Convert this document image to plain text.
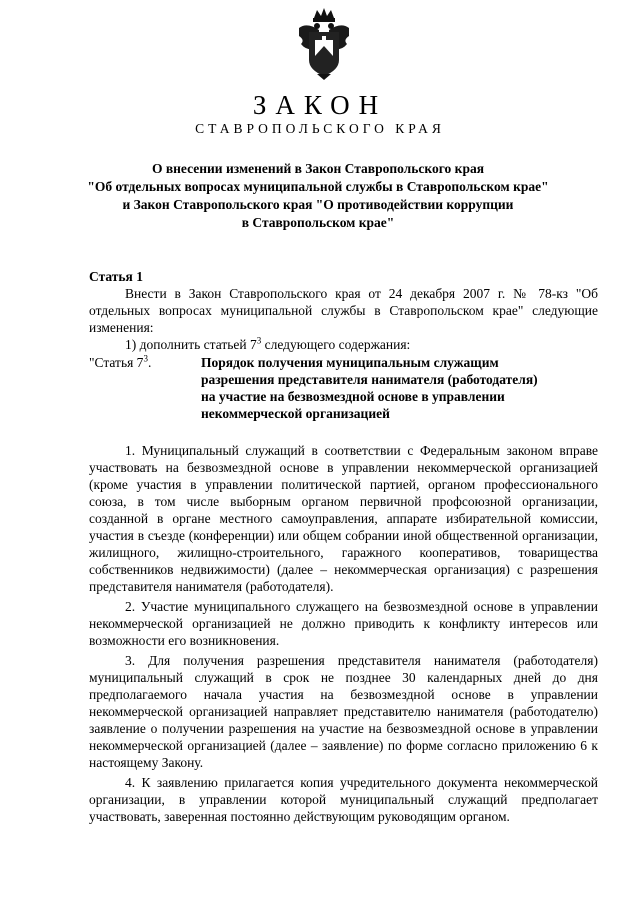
ЗАКОН
СТАВРОПОЛЬСКОГО КРАЯ
О внесении изменений в Закон Ставропольского края
"Об отдельных вопросах муниципальной службы в Ставропольском крае"
и Закон Ставропольского края "О противодействии коррупции
в Ставропольском крае"

Статья 1

Внести в Закон Ставропольского края от 24 декабря 2007 г. № 78-кз "Об отдельных вопросах муниципальной службы в Ставропольском крае" следующие изменения:

1) дополнить статьей $7^3$ следующего содержания:

"Статья $7^3$.	Порядок получения муниципальным служащим
разрешения представителя нанимателя (работодателя)
на участие на безвозмездной основе в управлении
некоммерческой организацией

1. Муниципальный служащий в соответствии с Федеральным законом вправе участвовать на безвозмездной основе в управлении некоммерческой организацией (кроме участия в управлении политической партией, органом профессионального союза, в том числе выборным органом первичной профсоюзной организации, созданной в органе местного самоуправления, аппарате избирательной комиссии, участия в съезде (конференции) или общем собрании иной общественной организации, жилищного, жилищно-строительного, гаражного кооперативов, товарищества собственников недвижимости) (далее – некоммерческая организация) с разрешения представителя нанимателя (работодателя).

2. Участие муниципального служащего на безвозмездной основе в управлении некоммерческой организацией не должно приводить к конфликту интересов или возможности его возникновения.

3. Для получения разрешения представителя нанимателя (работодателя) муниципальный служащий в срок не позднее 30 календарных дней до дня предполагаемого начала участия на безвозмездной основе в управлении некоммерческой организацией направляет представителю нанимателя (работодателю) заявление о получении разрешения на участие на безвозмездной основе в управлении некоммерческой организацией (далее – заявление) по форме согласно приложению 6 к настоящему Закону.

4. К заявлению прилагается копия учредительного документа некоммерческой организации, в управлении которой муниципальный служащий предполагает участвовать, заверенная постоянно действующим руководящим органом.
